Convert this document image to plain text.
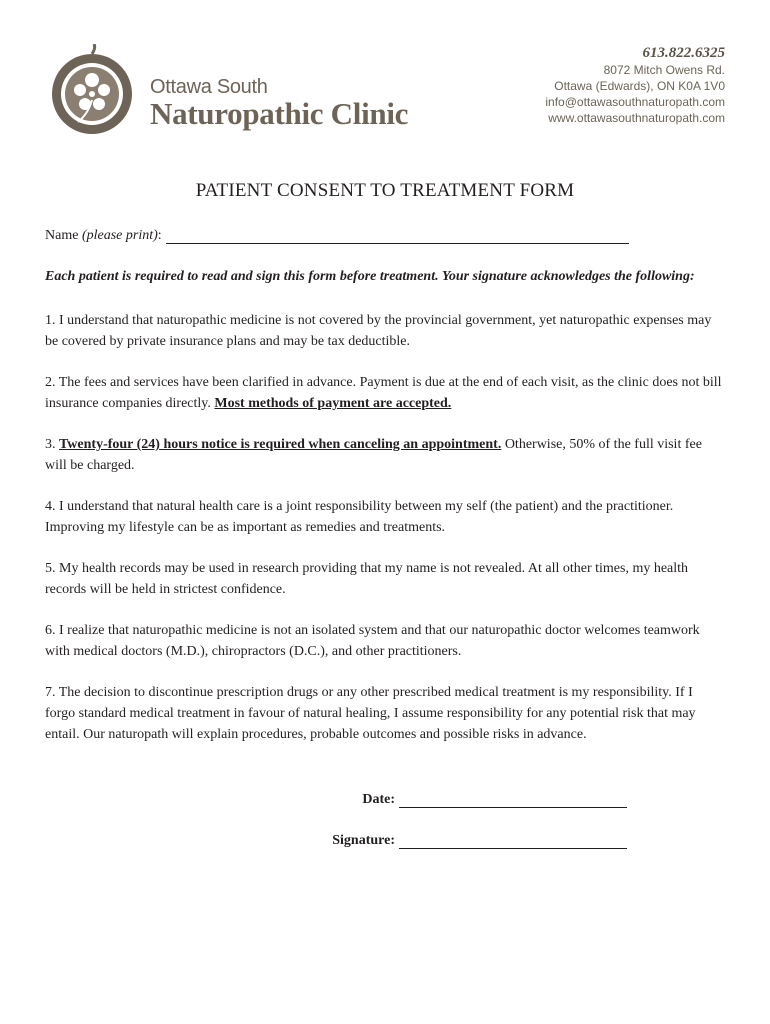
Ottawa South
Naturopathic Clinic
613.822.6325
8072 Mitch Owens Rd.
Ottawa (Edwards), ON K0A 1V0
info@ottawasouthnaturopath.com
www.ottawasouthnaturopath.com
PATIENT CONSENT TO TREATMENT FORM
Name
(please print) :
Each patient is required to read and sign this form before treatment. Your signature acknowledges the following:

1. I understand that naturopathic medicine is not covered by the provincial government, yet naturopathic expenses may be covered by private insurance plans and may be tax deductible.

2. The fees and services have been clarified in advance. Payment is due at the end of each visit, as the clinic does not bill insurance companies directly. Most methods of payment are accepted.

3. Twenty-four (24) hours notice is required when canceling an appointment. Otherwise, 50% of the full visit fee will be charged.

4. I understand that natural health care is a joint responsibility between my self (the patient) and the practitioner. Improving my lifestyle can be as important as remedies and treatments.

5. My health records may be used in research providing that my name is not revealed. At all other times, my health records will be held in strictest confidence.

6. I realize that naturopathic medicine is not an isolated system and that our naturopathic doctor welcomes teamwork with medical doctors (M.D.), chiropractors (D.C.), and other practitioners.

7. The decision to discontinue prescription drugs or any other prescribed medical treatment is my responsibility. If I forgo standard medical treatment in favour of natural healing, I assume responsibility for any potential risk that may entail. Our naturopath will explain procedures, probable outcomes and possible risks in advance.

Date:
Signature:
